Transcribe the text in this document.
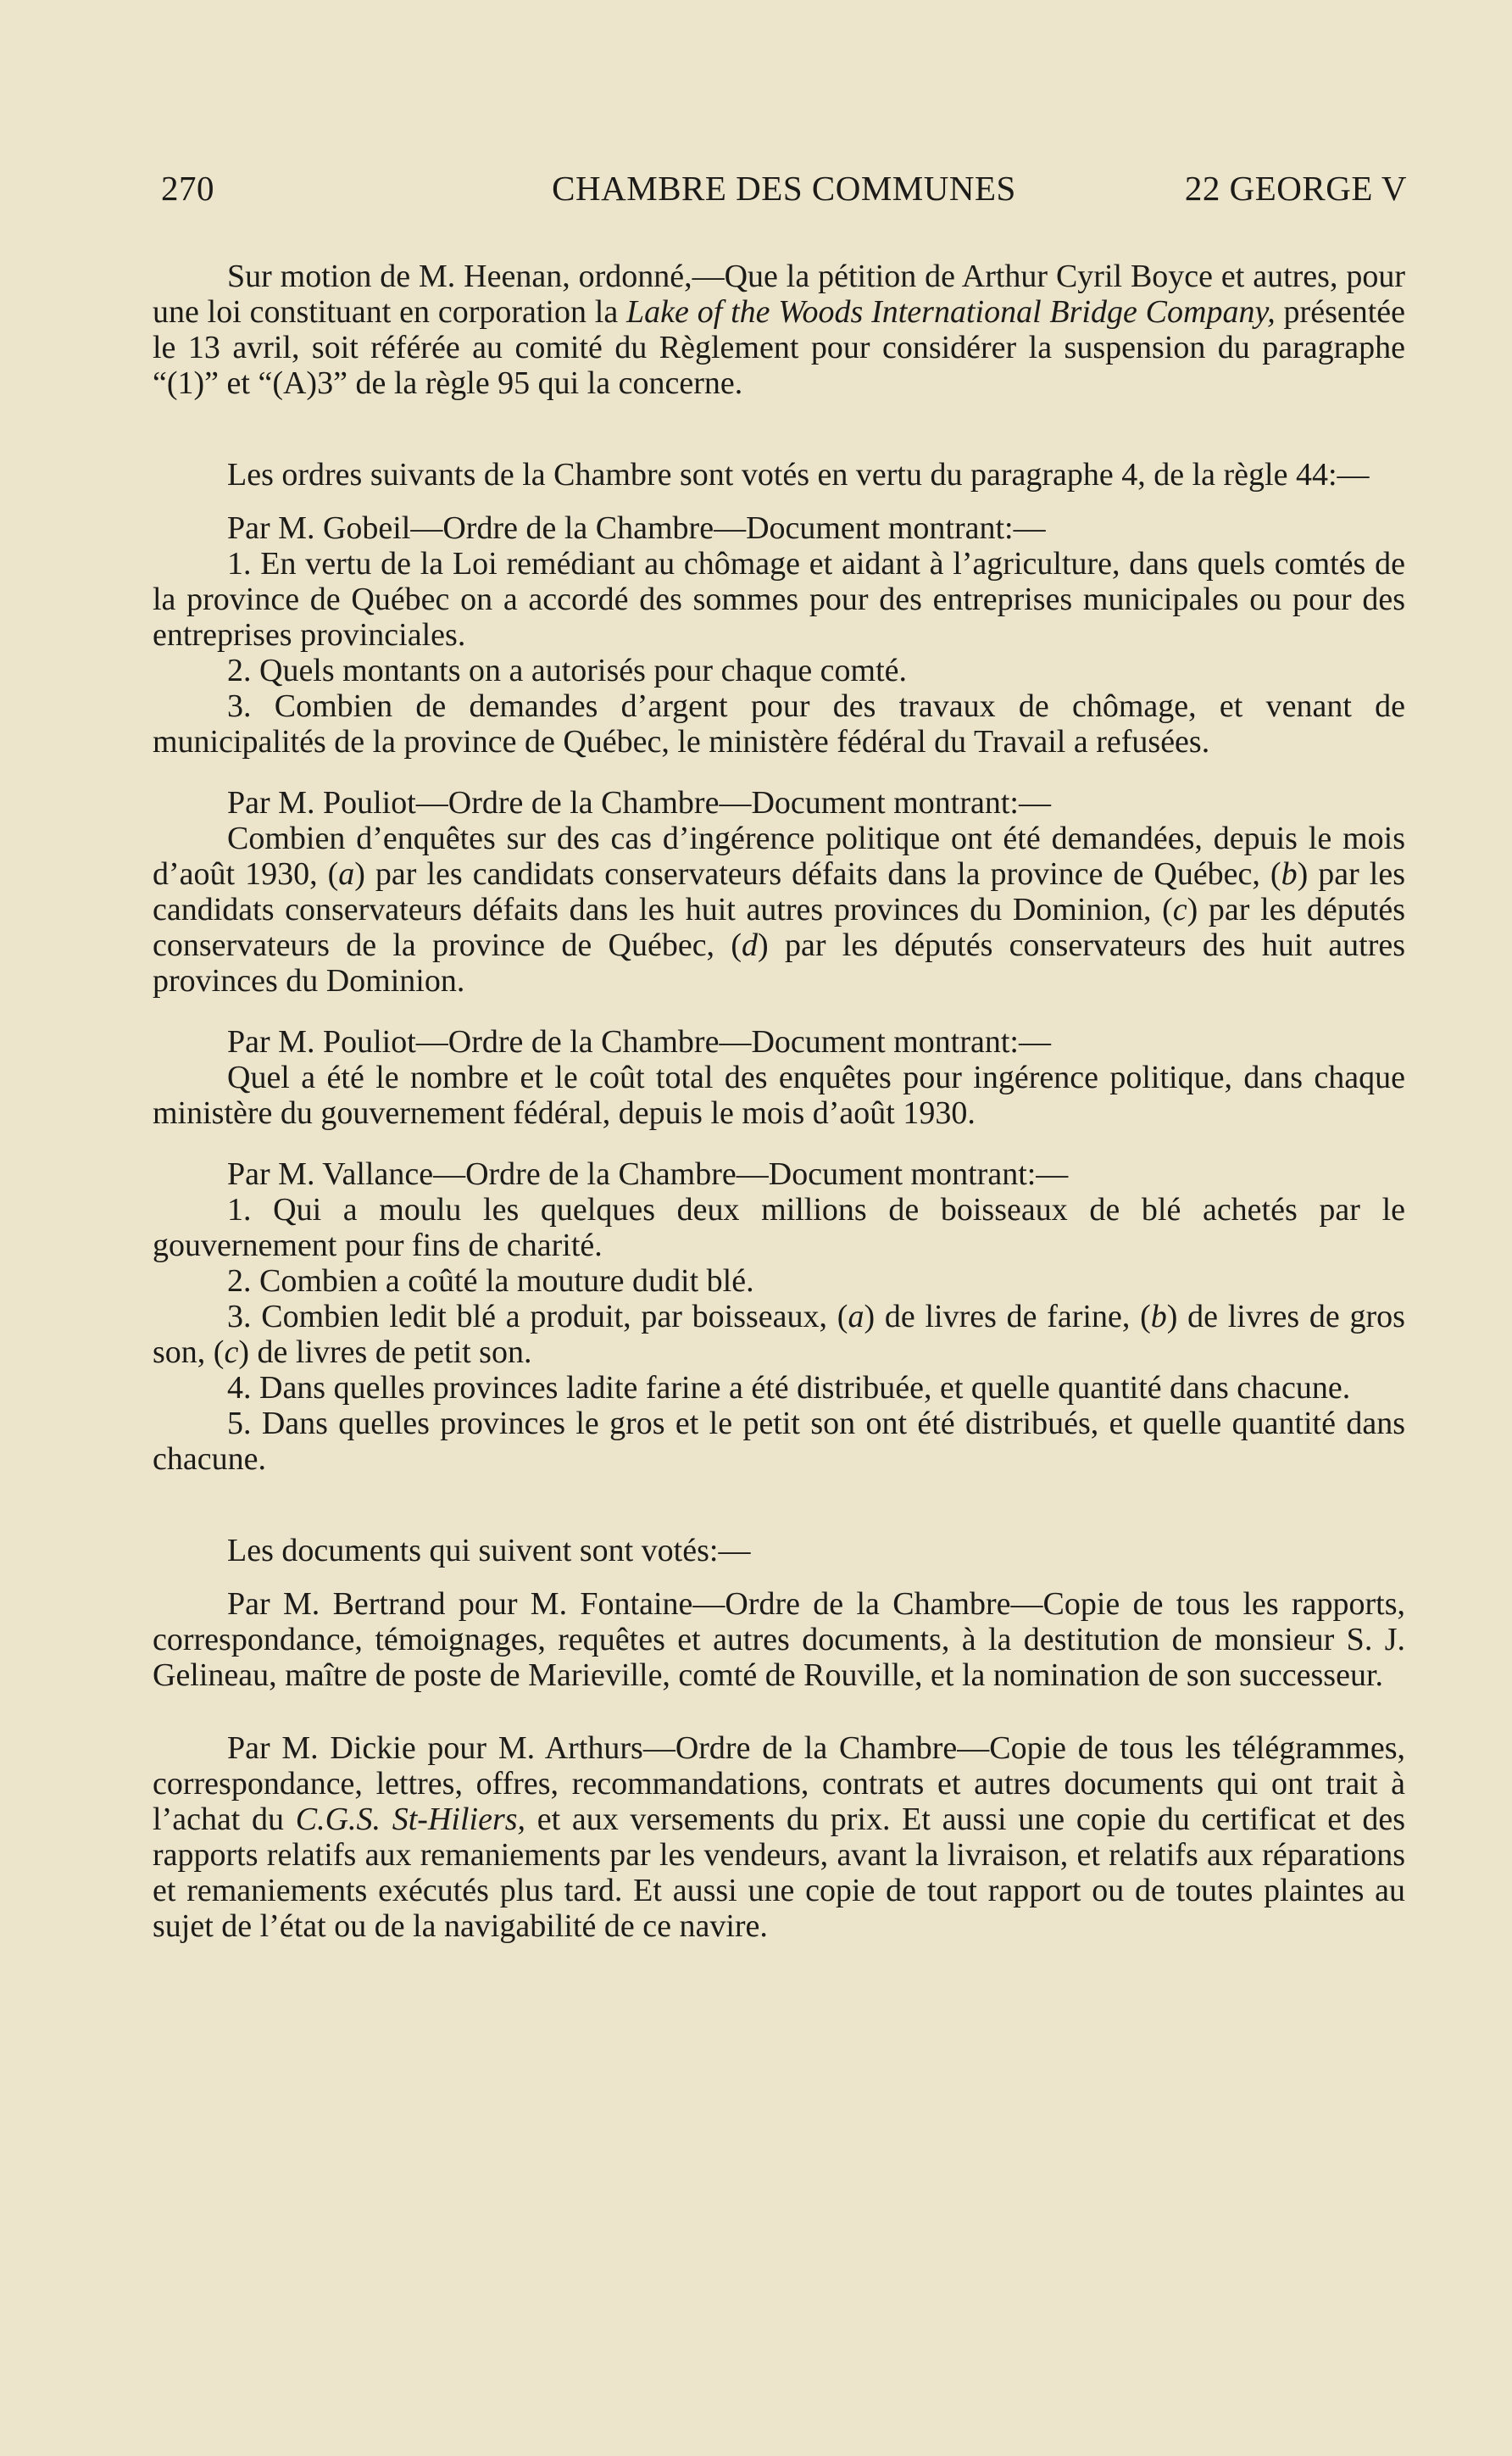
270	CHAMBRE DES COMMUNES	22 GEORGE V

Sur motion de M. Heenan, ordonné,—Que la pétition de Arthur Cyril Boyce et autres, pour une loi constituant en corporation la Lake of the Woods International Bridge Company, présentée le 13 avril, soit référée au comité du Règlement pour considérer la suspension du paragraphe “(1)” et “(A)3” de la règle 95 qui la concerne.

Les ordres suivants de la Chambre sont votés en vertu du paragraphe 4, de la règle 44:—

Par M. Gobeil—Ordre de la Chambre—Document montrant:—

1. En vertu de la Loi remédiant au chômage et aidant à l’agriculture, dans quels comtés de la province de Québec on a accordé des sommes pour des entreprises municipales ou pour des entreprises provinciales.

2. Quels montants on a autorisés pour chaque comté.

3. Combien de demandes d’argent pour des travaux de chômage, et venant de municipalités de la province de Québec, le ministère fédéral du Travail a refusées.

Par M. Pouliot—Ordre de la Chambre—Document montrant:—

Combien d’enquêtes sur des cas d’ingérence politique ont été demandées, depuis le mois d’août 1930, (a) par les candidats conservateurs défaits dans la province de Québec, (b) par les candidats conservateurs défaits dans les huit autres provinces du Dominion, (c) par les députés conservateurs de la province de Québec, (d) par les députés conservateurs des huit autres provinces du Dominion.

Par M. Pouliot—Ordre de la Chambre—Document montrant:—

Quel a été le nombre et le coût total des enquêtes pour ingérence politique, dans chaque ministère du gouvernement fédéral, depuis le mois d’août 1930.

Par M. Vallance—Ordre de la Chambre—Document montrant:—

1. Qui a moulu les quelques deux millions de boisseaux de blé achetés par le gouvernement pour fins de charité.

2. Combien a coûté la mouture dudit blé.

3. Combien ledit blé a produit, par boisseaux, (a) de livres de farine, (b) de livres de gros son, (c) de livres de petit son.

4. Dans quelles provinces ladite farine a été distribuée, et quelle quantité dans chacune.

5. Dans quelles provinces le gros et le petit son ont été distribués, et quelle quantité dans chacune.

Les documents qui suivent sont votés:—

Par M. Bertrand pour M. Fontaine—Ordre de la Chambre—Copie de tous les rapports, correspondance, témoignages, requêtes et autres documents, à la destitution de monsieur S. J. Gelineau, maître de poste de Marieville, comté de Rouville, et la nomination de son successeur.

Par M. Dickie pour M. Arthurs—Ordre de la Chambre—Copie de tous les télégrammes, correspondance, lettres, offres, recommandations, contrats et autres documents qui ont trait à l’achat du C.G.S. St-Hiliers, et aux versements du prix. Et aussi une copie du certificat et des rapports relatifs aux remaniements par les vendeurs, avant la livraison, et relatifs aux réparations et remaniements exécutés plus tard. Et aussi une copie de tout rapport ou de toutes plaintes au sujet de l’état ou de la navigabilité de ce navire.
